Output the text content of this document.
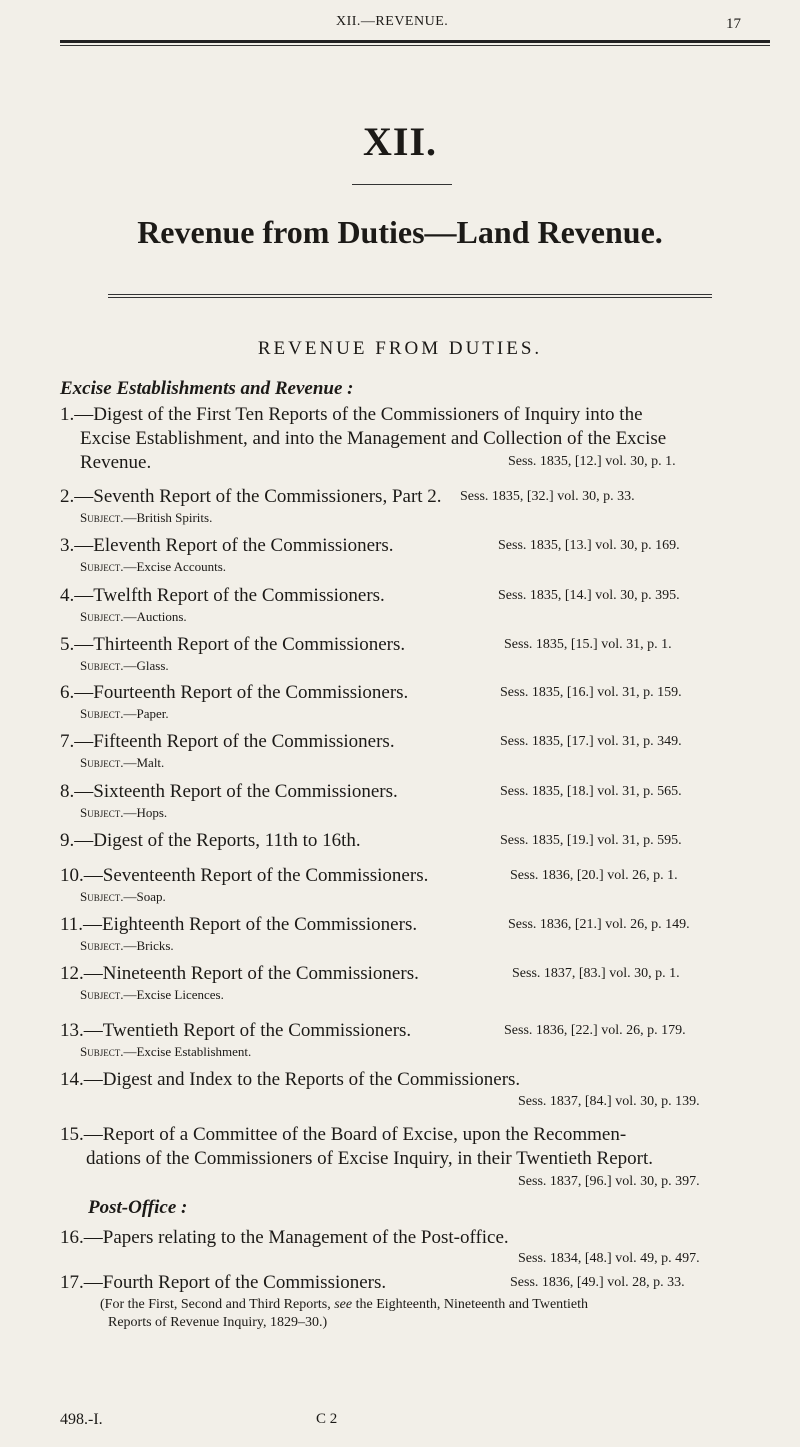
XII.—REVENUE.	17
XII.
Revenue from Duties—Land Revenue.
REVENUE FROM DUTIES.
Excise Establishments and Revenue :
1.—Digest of the First Ten Reports of the Commissioners of Inquiry into the
Excise Establishment, and into the Management and Collection of the Excise
Revenue.	Sess. 1835, [12.] vol. 30, p. 1.
2.—Seventh Report of the Commissioners, Part 2.
Subject.—British Spirits.
Sess. 1835, [32.] vol. 30, p. 33.
3.—Eleventh Report of the Commissioners.
Subject.—Excise Accounts.
Sess. 1835, [13.] vol. 30, p. 169.
4.—Twelfth Report of the Commissioners.
Subject.—Auctions.
Sess. 1835, [14.] vol. 30, p. 395.
5.—Thirteenth Report of the Commissioners.
Subject.—Glass.
Sess. 1835, [15.] vol. 31, p. 1.
6.—Fourteenth Report of the Commissioners.
Subject.—Paper.
Sess. 1835, [16.] vol. 31, p. 159.
7.—Fifteenth Report of the Commissioners.
Subject.—Malt.
Sess. 1835, [17.] vol. 31, p. 349.
8.—Sixteenth Report of the Commissioners.
Subject.—Hops.
Sess. 1835, [18.] vol. 31, p. 565.
9.—Digest of the Reports, 11th to 16th.	Sess. 1835, [19.] vol. 31, p. 595.
10.—Seventeenth Report of the Commissioners.
Subject.—Soap.
Sess. 1836, [20.] vol. 26, p. 1.
11.—Eighteenth Report of the Commissioners.
Subject.—Bricks.
Sess. 1836, [21.] vol. 26, p. 149.
12.—Nineteenth Report of the Commissioners.
Subject.—Excise Licences.
Sess. 1837, [83.] vol. 30, p. 1.
13.—Twentieth Report of the Commissioners.
Subject.—Excise Establishment.
Sess. 1836, [22.] vol. 26, p. 179.
14.—Digest and Index to the Reports of the Commissioners.
Sess. 1837, [84.] vol. 30, p. 139.
15.—Report of a Committee of the Board of Excise, upon the Recommen-
dations of the Commissioners of Excise Inquiry, in their Twentieth Report.
Sess. 1837, [96.] vol. 30, p. 397.
Post-Office :
16.—Papers relating to the Management of the Post-office.
Sess. 1834, [48.] vol. 49, p. 497.
17.—Fourth Report of the Commissioners.	Sess. 1836, [49.] vol. 28, p. 33.
(For the First, Second and Third Reports, see the Eighteenth, Nineteenth and Twentieth
Reports of Revenue Inquiry, 1829–30.)
498.-I.	C 2
